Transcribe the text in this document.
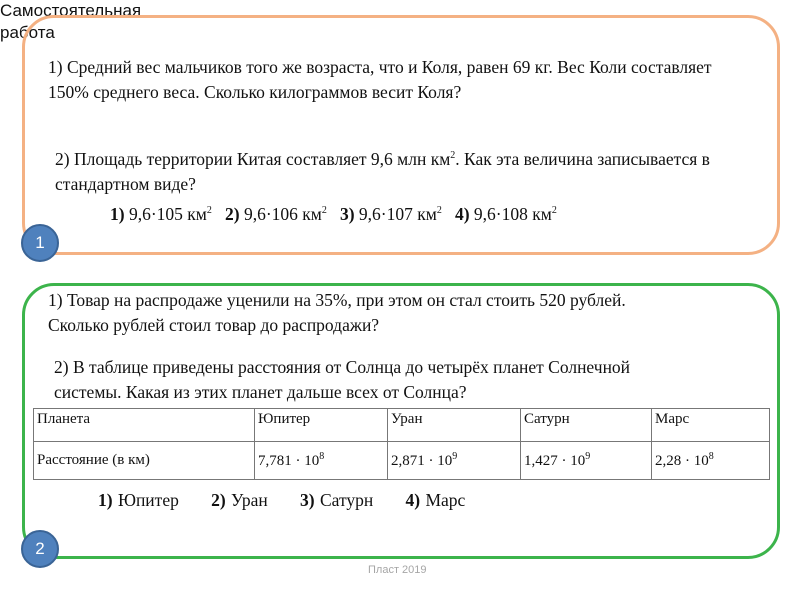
Самостоятельная работа
1) Средний вес мальчиков того же возраста, что и Коля, равен 69 кг. Вес Коли составляет 150% среднего веса. Сколько килограммов весит Коля?
2) Площадь территории Китая составляет 9,6 млн $км^2$. Как эта величина записывается в стандартном виде?
1) 9,6·105 $км^2$ 2) 9,6·106 $км^2$ 3) 9,6·107 $км^2$ 4) 9,6·108 $км^2$
1
1) Товар на распродаже уценили на 35%, при этом он стал стоить 520 рублей. Сколько рублей стоил товар до распродажи?
2) В таблице приведены расстояния от Солнца до четырёх планет Солнечной системы. Какая из этих планет дальше всех от Солнца?
Планета	Юпитер	Уран	Сатурн	Марс
Расстояние (в км)	$7,781 \cdot 10^8$	$2,871 \cdot 10^9$	$1,427 \cdot 10^9$	$2,28 \cdot 10^8$
1) Юпитер 2) Уран 3) Сатурн 4) Марс
2
Пласт 2019
